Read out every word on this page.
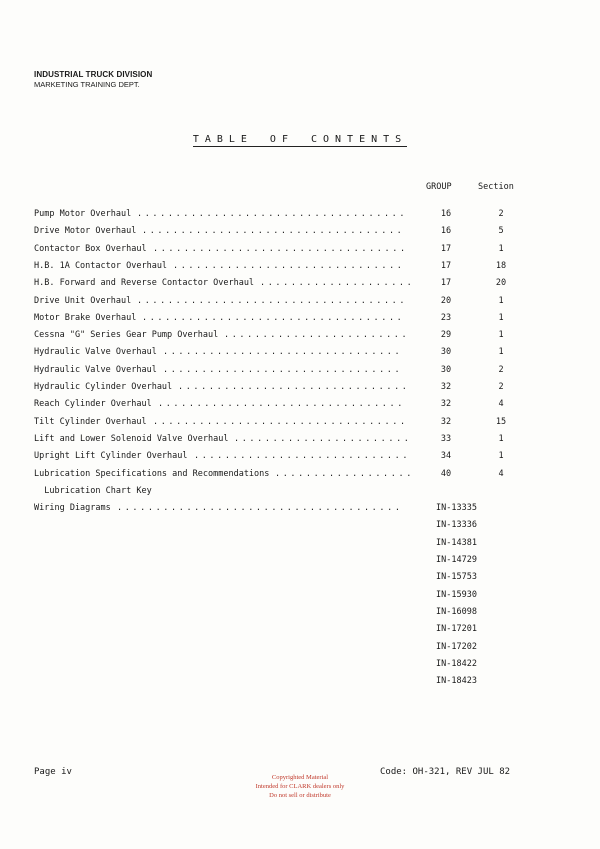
INDUSTRIAL TRUCK DIVISION
MARKETING TRAINING DEPT.
TABLE OF CONTENTS
GROUP	Section
Pump Motor Overhaul ...................................	16	2
Drive Motor Overhaul ..................................	16	5
Contactor Box Overhaul .................................	17	1
H.B. 1A Contactor Overhaul ..............................	17	18
H.B. Forward and Reverse Contactor Overhaul ....................	17	20
Drive Unit Overhaul ...................................	20	1
Motor Brake Overhaul ..................................	23	1
Cessna "G" Series Gear Pump Overhaul ........................	29	1
Hydraulic Valve Overhaul ...............................	30	1
Hydraulic Valve Overhaul ...............................	30	2
Hydraulic Cylinder Overhaul ..............................	32	2
Reach Cylinder Overhaul ................................	32	4
Tilt Cylinder Overhaul .................................	32	15
Lift and Lower Solenoid Valve Overhaul .......................	33	1
Upright Lift Cylinder Overhaul ............................	34	1
Lubrication Specifications and Recommendations ..................	40	4
Lubrication Chart Key
Wiring Diagrams .....................................	IN-13335
IN-13336
IN-14381
IN-14729
IN-15753
IN-15930
IN-16098
IN-17201
IN-17202
IN-18422
IN-18423
Page iv
Copyrighted Material
Intended for CLARK dealers only
Do not sell or distribute
Code: OH-321, REV JUL 82
